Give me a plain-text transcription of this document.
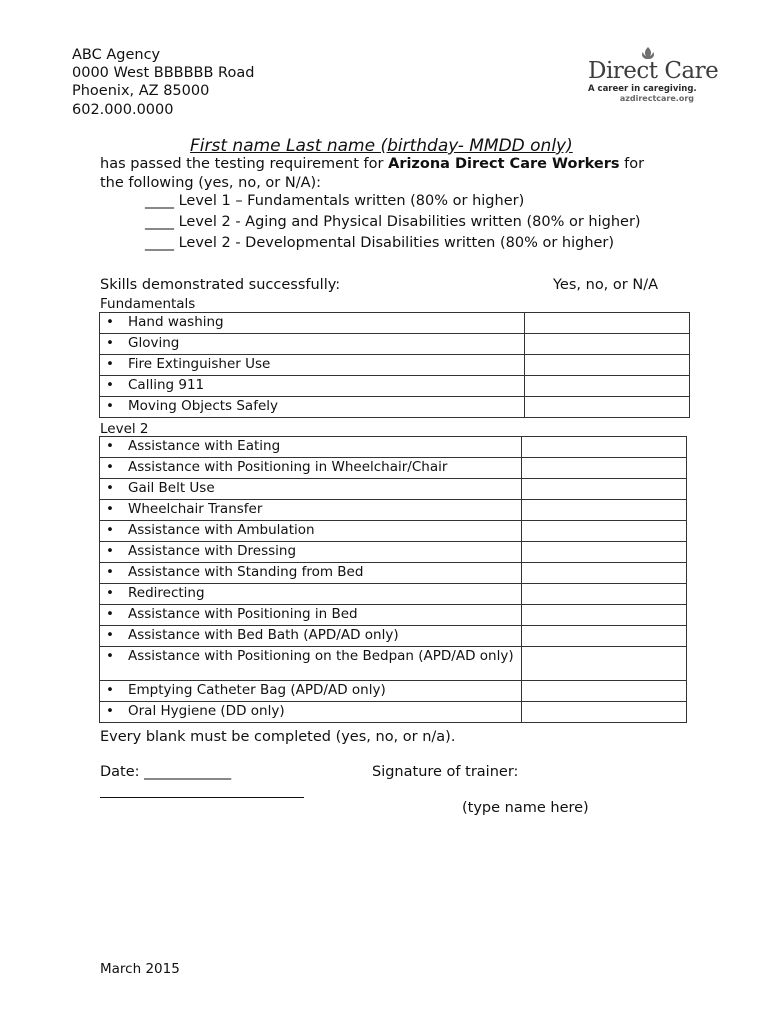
ABC Agency
0000 West BBBBBB Road
Phoenix, AZ 85000
602.000.0000
Direct Care
A career in caregiving.
azdirectcare.org
First name Last name (birthday- MMDD only)
has passed the testing requirement for Arizona Direct Care Workers for
the following (yes, no, or N/A):
____ Level 1 – Fundamentals written (80% or higher)
____ Level 2 - Aging and Physical Disabilities written (80% or higher)
____ Level 2 - Developmental Disabilities written (80% or higher)
Skills demonstrated successfully:	Yes, no, or N/A
Fundamentals
• Hand washing	

• Gloving	

• Fire Extinguisher Use	

• Calling 911	

• Moving Objects Safely	
Level 2
• Assistance with Eating	

• Assistance with Positioning in Wheelchair/Chair	

• Gail Belt Use	

• Wheelchair Transfer	

• Assistance with Ambulation	

• Assistance with Dressing	

• Assistance with Standing from Bed	

• Redirecting	

• Assistance with Positioning in Bed	

• Assistance with Bed Bath (APD/AD only)	

• Assistance with Positioning on the Bedpan (APD/AD only)	

• Emptying Catheter Bag (APD/AD only)	

• Oral Hygiene (DD only)	
Every blank must be completed (yes, no, or n/a).
Date: ____________	Signature of trainer:
(type name here)
March 2015
